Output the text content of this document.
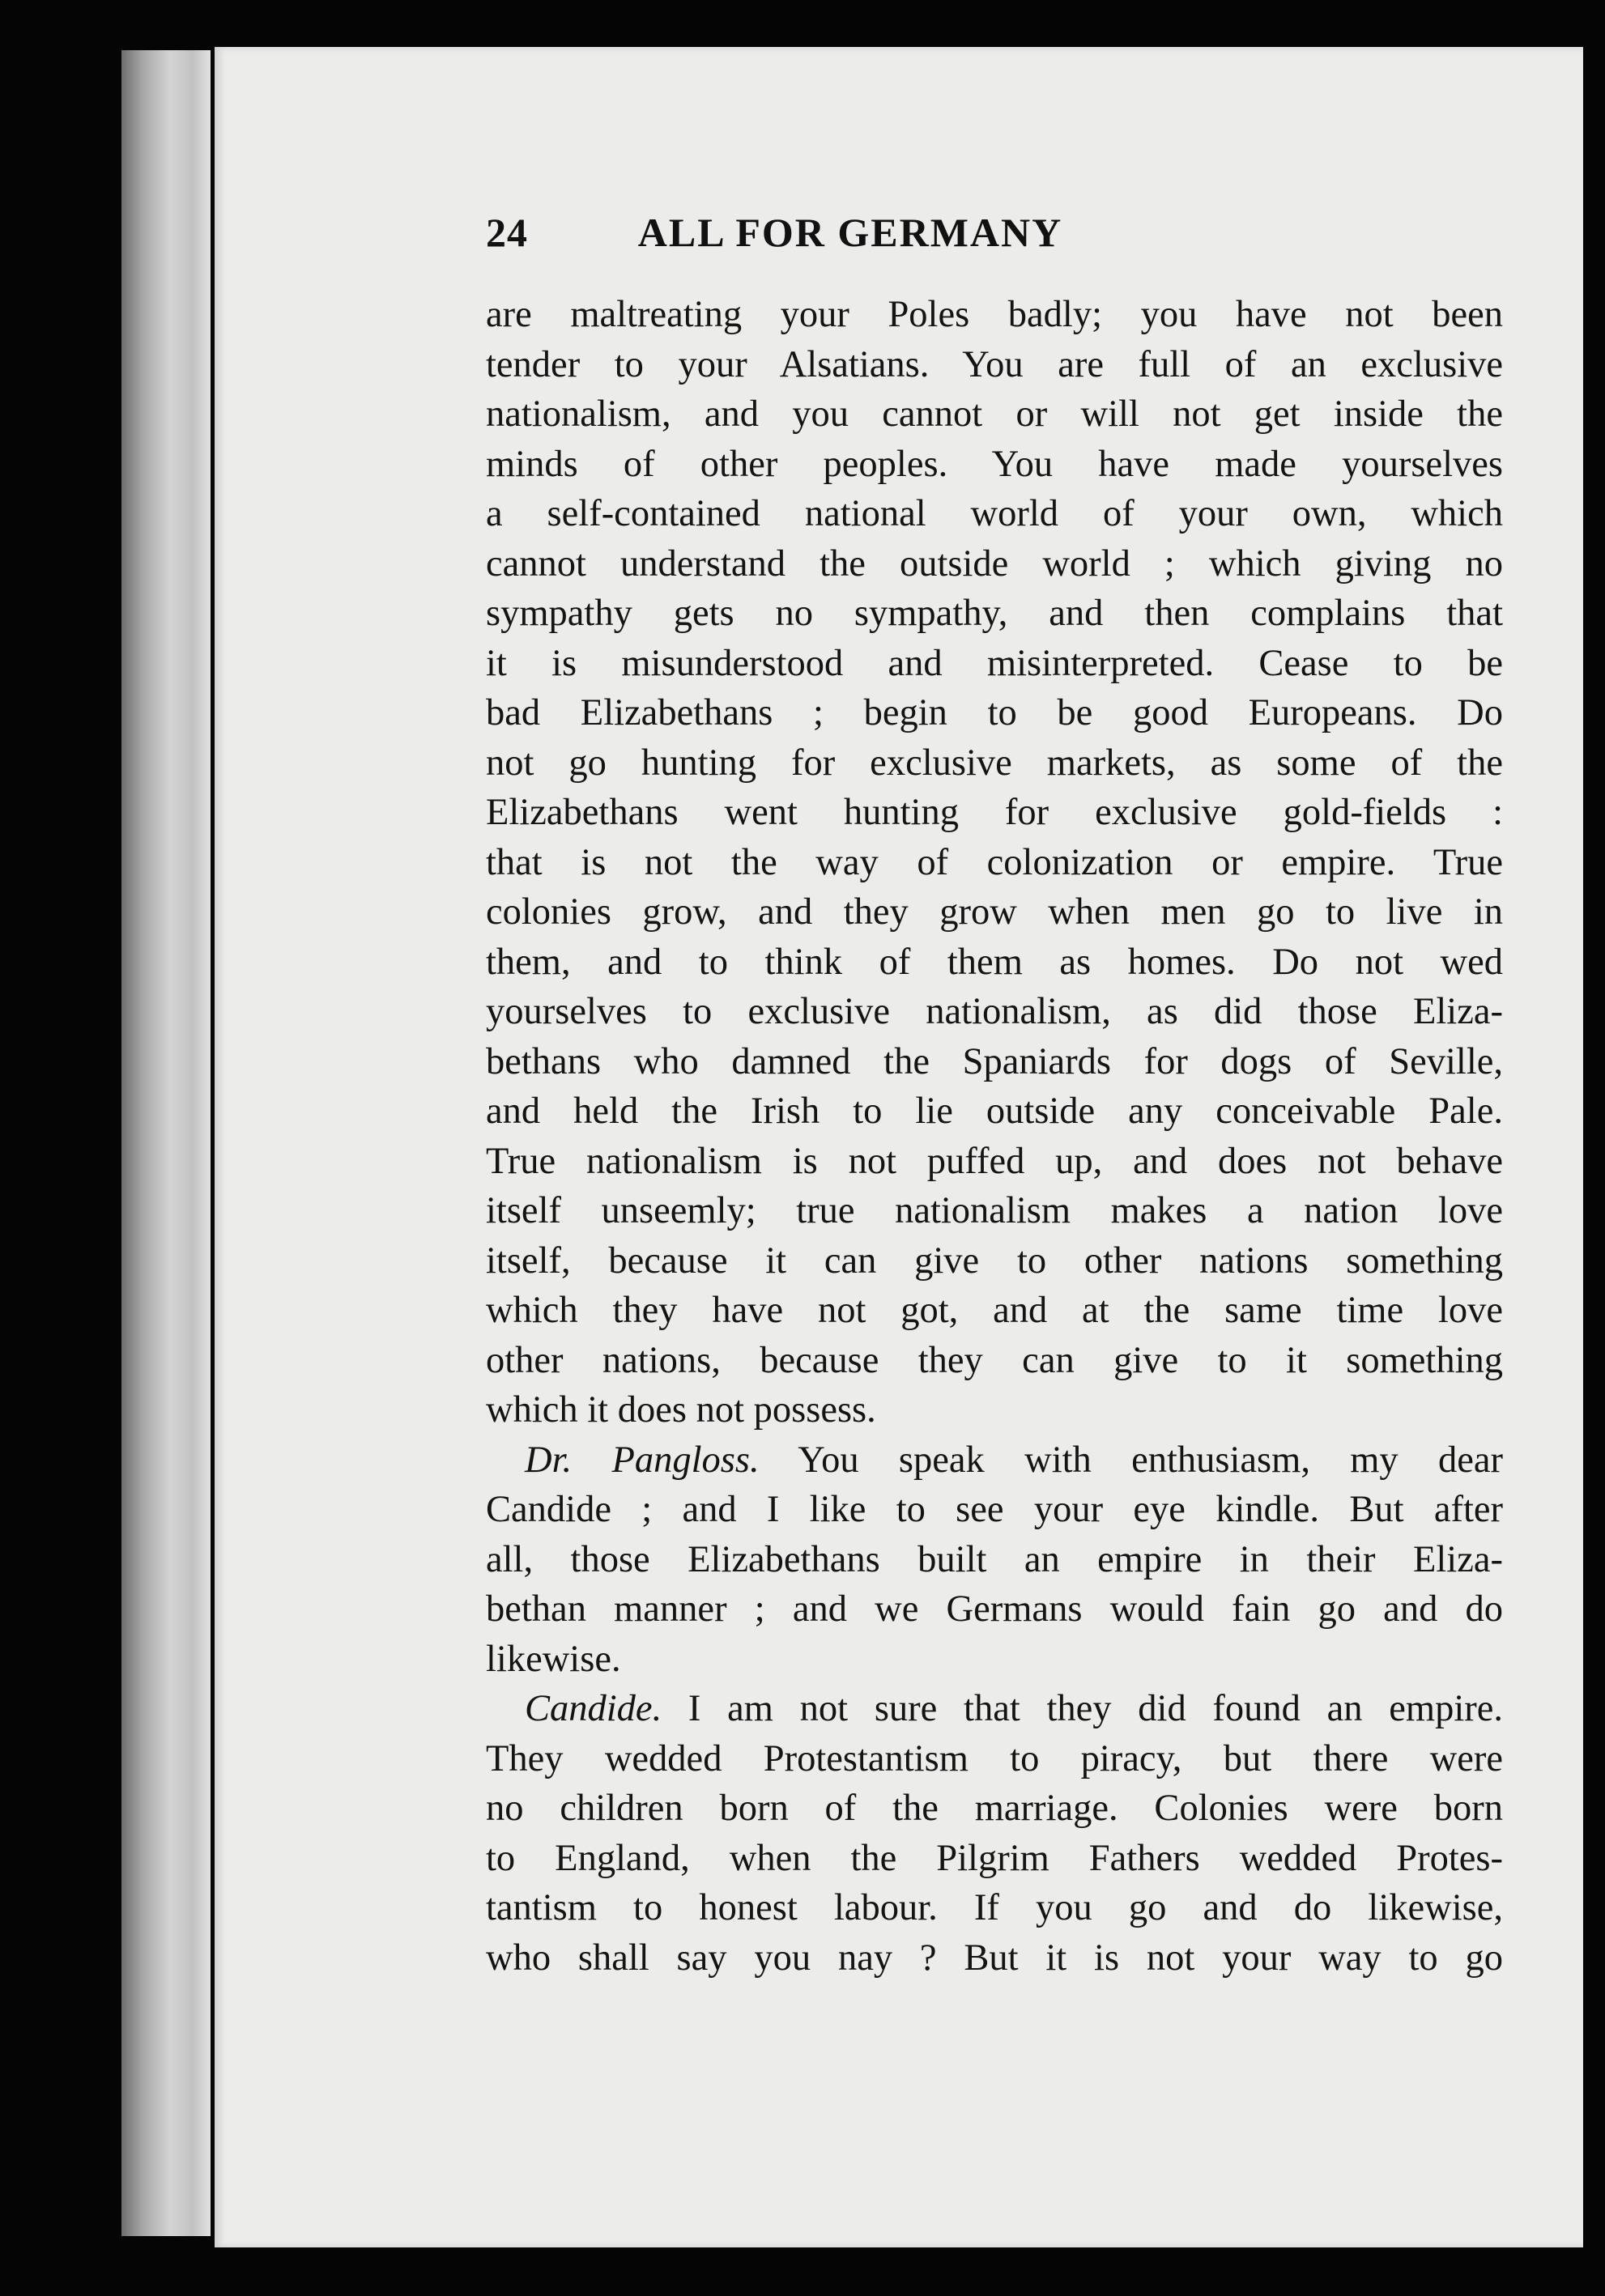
24	ALL FOR GERMANY
are maltreating your Poles badly; you have not been
tender to your Alsatians. You are full of an exclusive
nationalism, and you cannot or will not get inside the
minds of other peoples. You have made yourselves
a self-contained national world of your own, which
cannot understand the outside world ; which giving no
sympathy gets no sympathy, and then complains that
it is misunderstood and misinterpreted. Cease to be
bad Elizabethans ; begin to be good Europeans. Do
not go hunting for exclusive markets, as some of the
Elizabethans went hunting for exclusive gold-fields :
that is not the way of colonization or empire. True
colonies grow, and they grow when men go to live in
them, and to think of them as homes. Do not wed
yourselves to exclusive nationalism, as did those Eliza-
bethans who damned the Spaniards for dogs of Seville,
and held the Irish to lie outside any conceivable Pale.
True nationalism is not puffed up, and does not behave
itself unseemly; true nationalism makes a nation love
itself, because it can give to other nations something
which they have not got, and at the same time love
other nations, because they can give to it something
which it does not possess.
Dr. Pangloss. You speak with enthusiasm, my dear
Candide ; and I like to see your eye kindle. But after
all, those Elizabethans built an empire in their Eliza-
bethan manner ; and we Germans would fain go and do
likewise.
Candide. I am not sure that they did found an empire.
They wedded Protestantism to piracy, but there were
no children born of the marriage. Colonies were born
to England, when the Pilgrim Fathers wedded Protes-
tantism to honest labour. If you go and do likewise,
who shall say you nay ? But it is not your way to go
